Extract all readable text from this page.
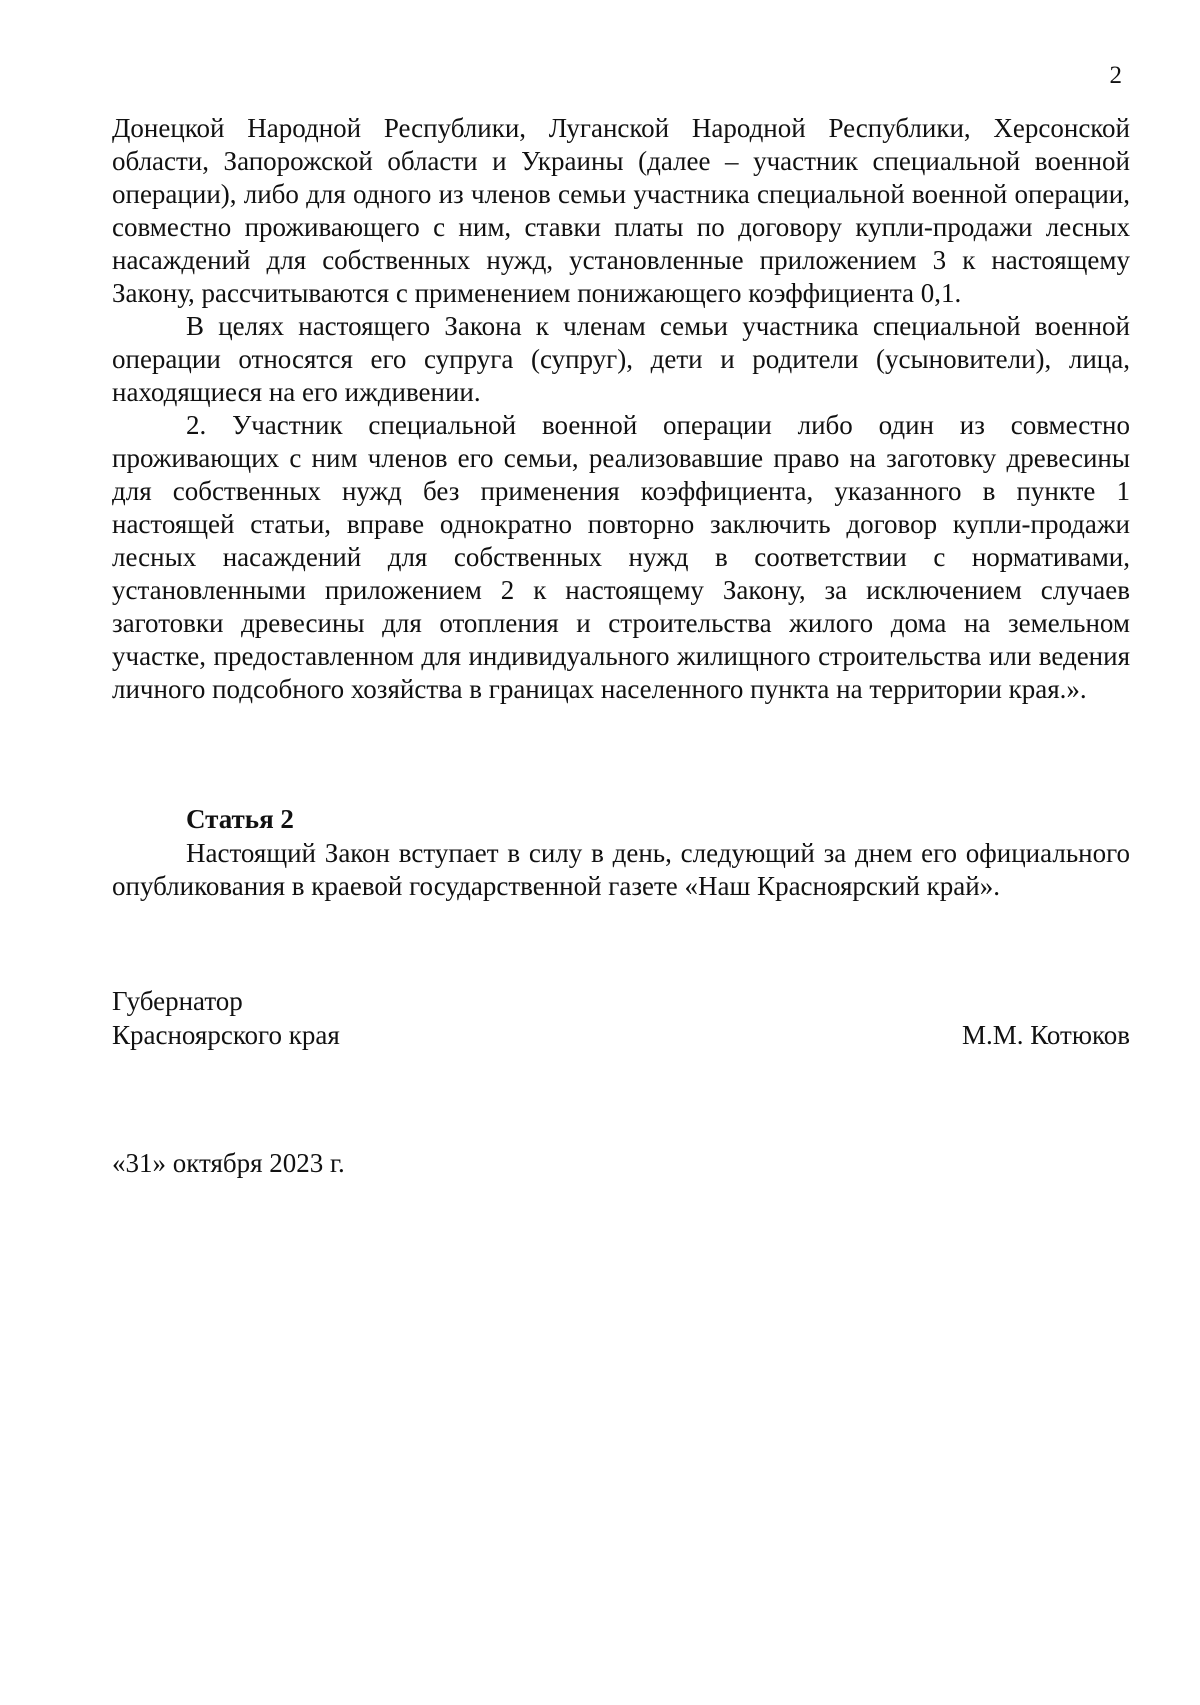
2

Донецкой Народной Республики, Луганской Народной Республики, Херсонской области, Запорожской области и Украины (далее – участник специальной военной операции), либо для одного из членов семьи участника специальной военной операции, совместно проживающего с ним, ставки платы по договору купли-продажи лесных насаждений для собственных нужд, установленные приложением 3 к настоящему Закону, рассчитываются с применением понижающего коэффициента 0,1.

В целях настоящего Закона к членам семьи участника специальной военной операции относятся его супруга (супруг), дети и родители (усыновители), лица, находящиеся на его иждивении.

2. Участник специальной военной операции либо один из совместно проживающих с ним членов его семьи, реализовавшие право на заготовку древесины для собственных нужд без применения коэффициента, указанного в пункте 1 настоящей статьи, вправе однократно повторно заключить договор купли-продажи лесных насаждений для собственных нужд в соответствии с нормативами, установленными приложением 2 к настоящему Закону, за исключением случаев заготовки древесины для отопления и строительства жилого дома на земельном участке, предоставленном для индивидуального жилищного строительства или ведения личного подсобного хозяйства в границах населенного пункта на территории края.».

Статья 2

Настоящий Закон вступает в силу в день, следующий за днем его официального опубликования в краевой государственной газете «Наш Красноярский край».

Губернатор
Красноярского края	М.М. Котюков

«31» октября 2023 г.
